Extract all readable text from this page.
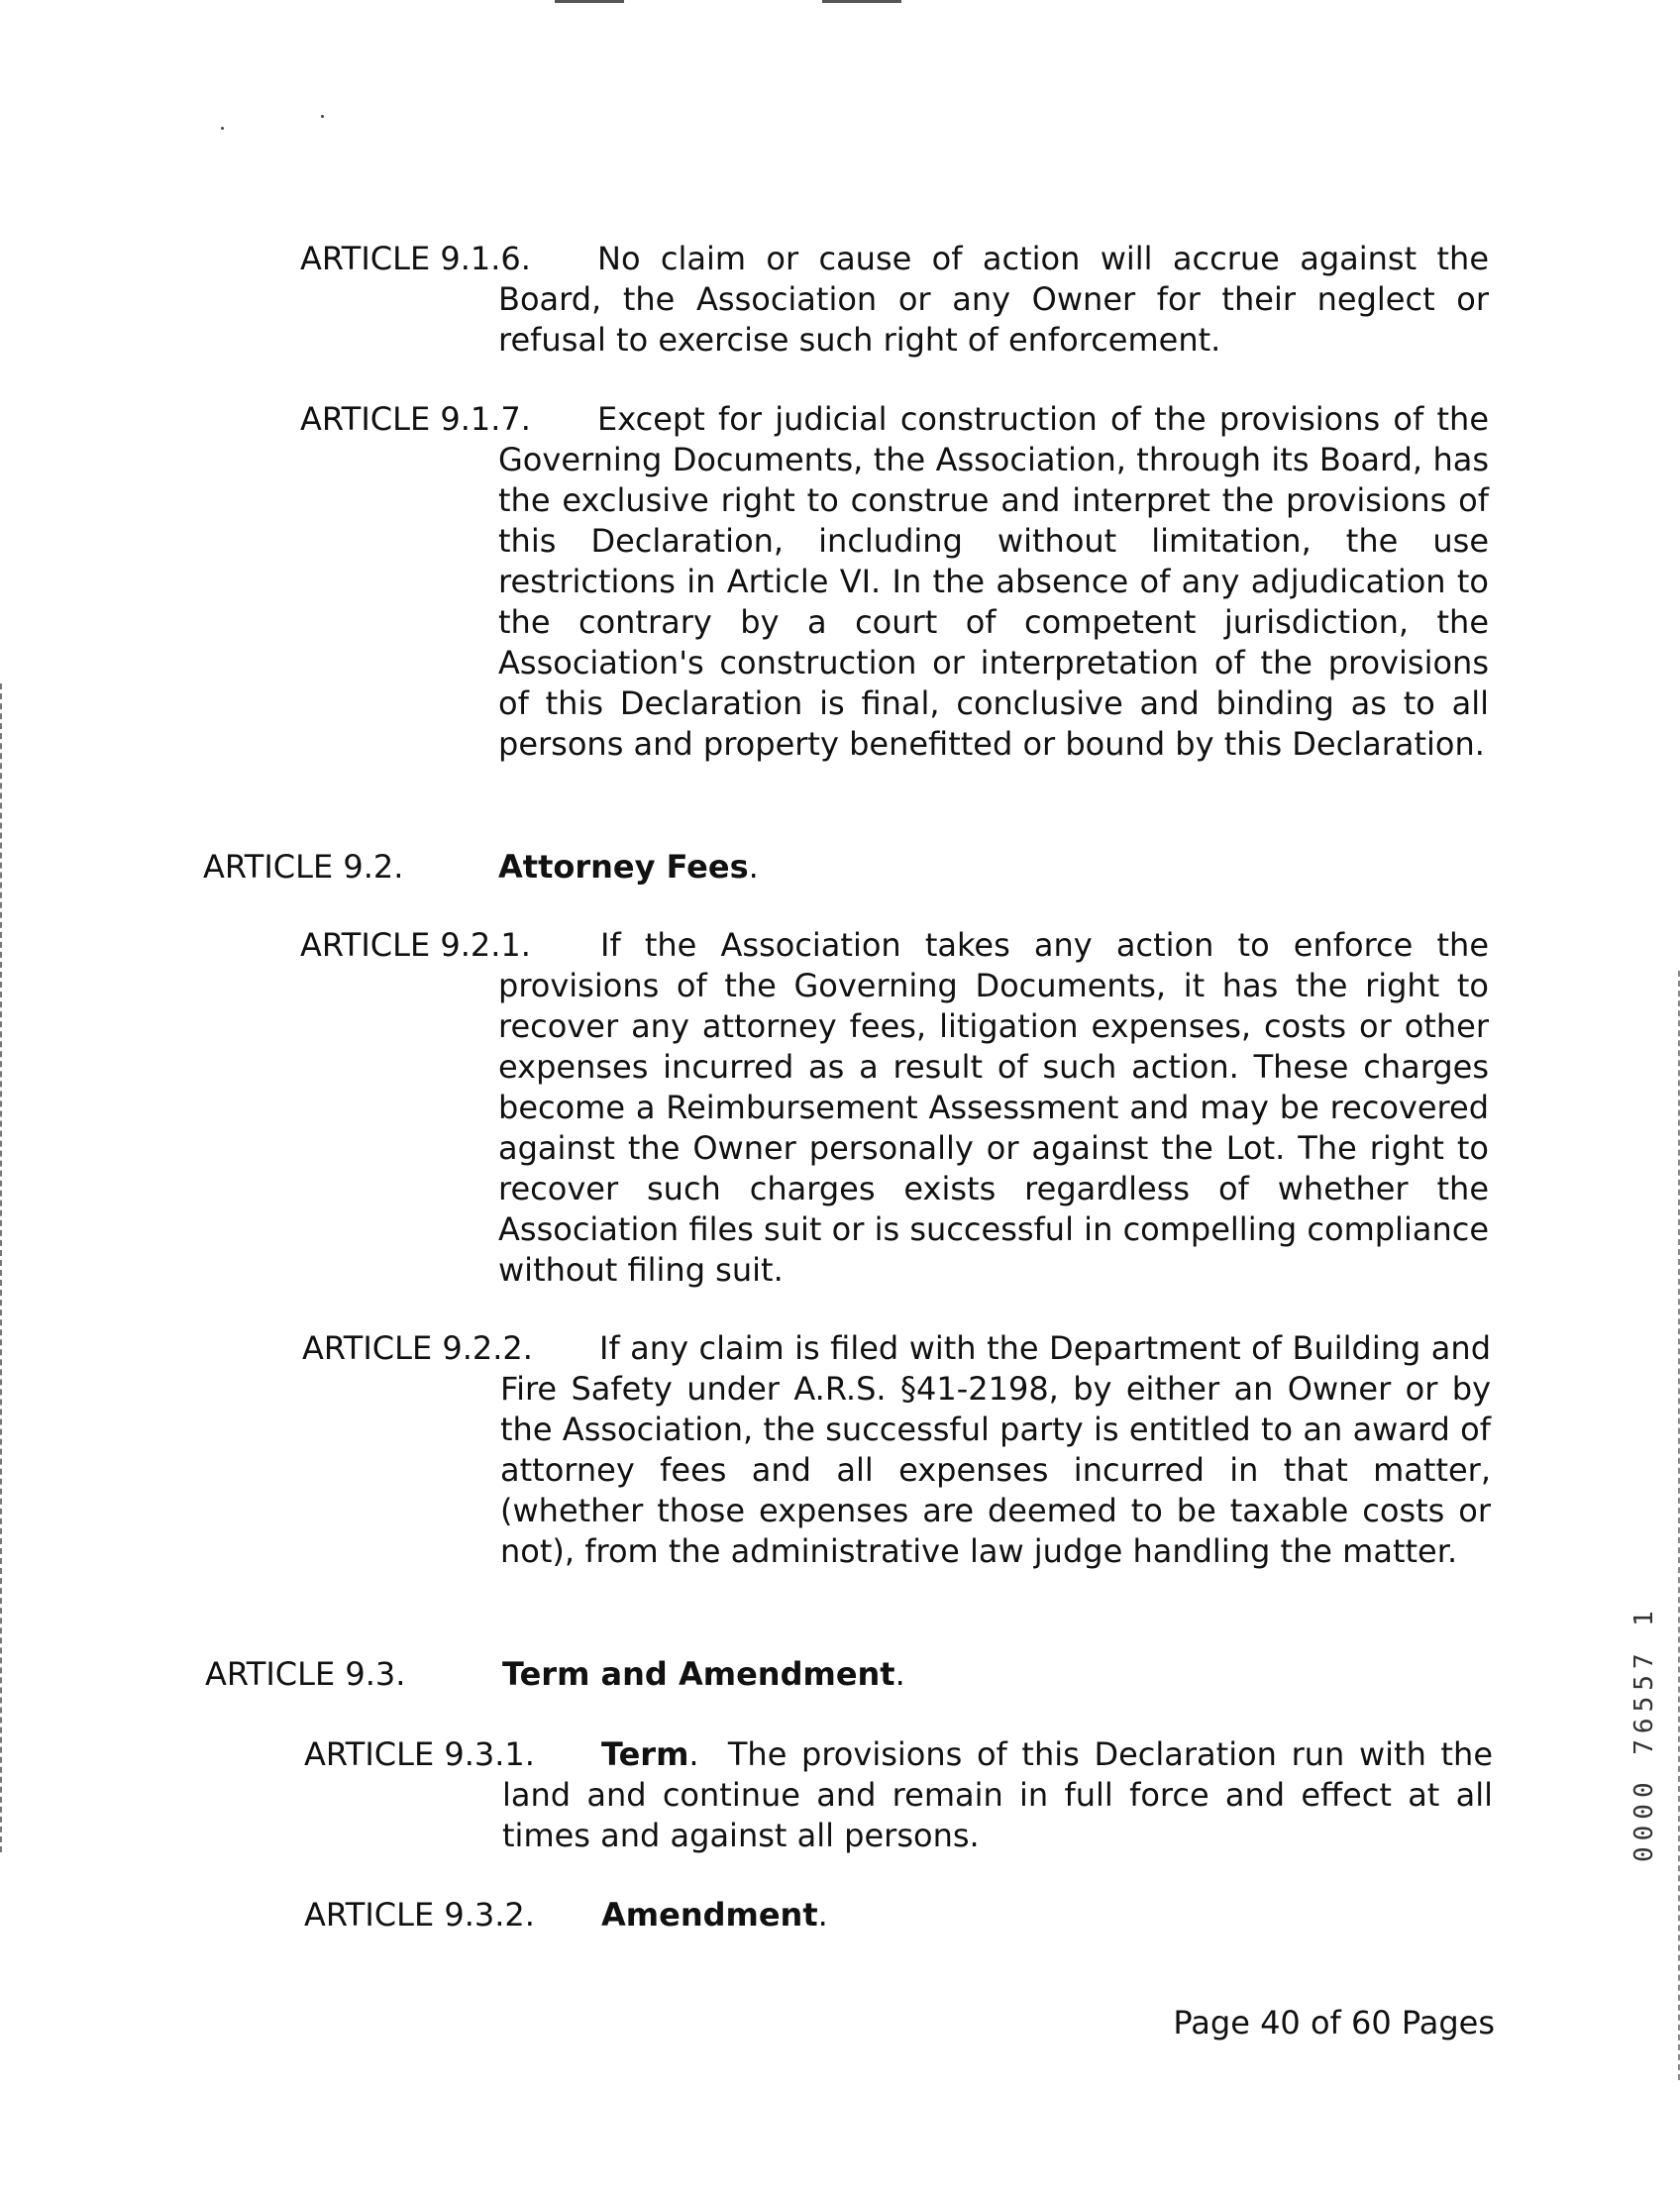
ARTICLE 9.1.6.	No claim or cause of action will accrue against the Board, the Association or any Owner for their neglect or refusal to exercise such right of enforcement.
ARTICLE 9.1.7.	Except for judicial construction of the provisions of the Governing Documents, the Association, through its Board, has the exclusive right to construe and interpret the provisions of this Declaration, including without limitation, the use restrictions in Article VI. In the absence of any adjudication to the contrary by a court of competent jurisdiction, the Association's construction or interpretation of the provisions of this Declaration is final, conclusive and binding as to all persons and property benefitted or bound by this Declaration.
ARTICLE 9.2.	Attorney Fees.
ARTICLE 9.2.1.	If the Association takes any action to enforce the provisions of the Governing Documents, it has the right to recover any attorney fees, litigation expenses, costs or other expenses incurred as a result of such action. These charges become a Reimbursement Assessment and may be recovered against the Owner personally or against the Lot. The right to recover such charges exists regardless of whether the Association files suit or is successful in compelling compliance without filing suit.
ARTICLE 9.2.2.	If any claim is filed with the Department of Building and Fire Safety under A.R.S. §41-2198, by either an Owner or by the Association, the successful party is entitled to an award of attorney fees and all expenses incurred in that matter, (whether those expenses are deemed to be taxable costs or not), from the administrative law judge handling the matter.
ARTICLE 9.3.	Term and Amendment.
ARTICLE 9.3.1.	Term. The provisions of this Declaration run with the land and continue and remain in full force and effect at all times and against all persons.
ARTICLE 9.3.2. Amendment.
Page 40 of 60 Pages
0000 76557 1
